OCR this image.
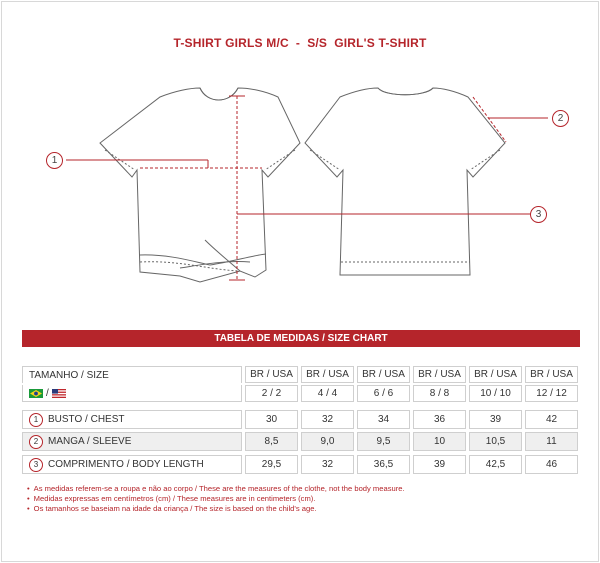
T-SHIRT GIRLS M/C  -  S/S  GIRL'S T-SHIRT
1
2
3
TABELA DE MEDIDAS / SIZE CHART
TAMANHO / SIZE	BR / USA	BR / USA	BR / USA	BR / USA	BR / USA	BR / USA
/	2 / 2	4 / 4	6 / 6	8 / 8	10 / 10	12 / 12
1 BUSTO / CHEST	30	32	34	36	39	42
2 MANGA / SLEEVE	8,5	9,0	9,5	10	10,5	11
3 COMPRIMENTO / BODY LENGTH	29,5	32	36,5	39	42,5	46
• As medidas referem-se a roupa e não ao corpo / These are the measures of the clothe, not the body measure.
• Medidas expressas em centímetros (cm) / These measures are in centimeters (cm).
• Os tamanhos se baseiam na idade da criança / The size is based on the child's age.
